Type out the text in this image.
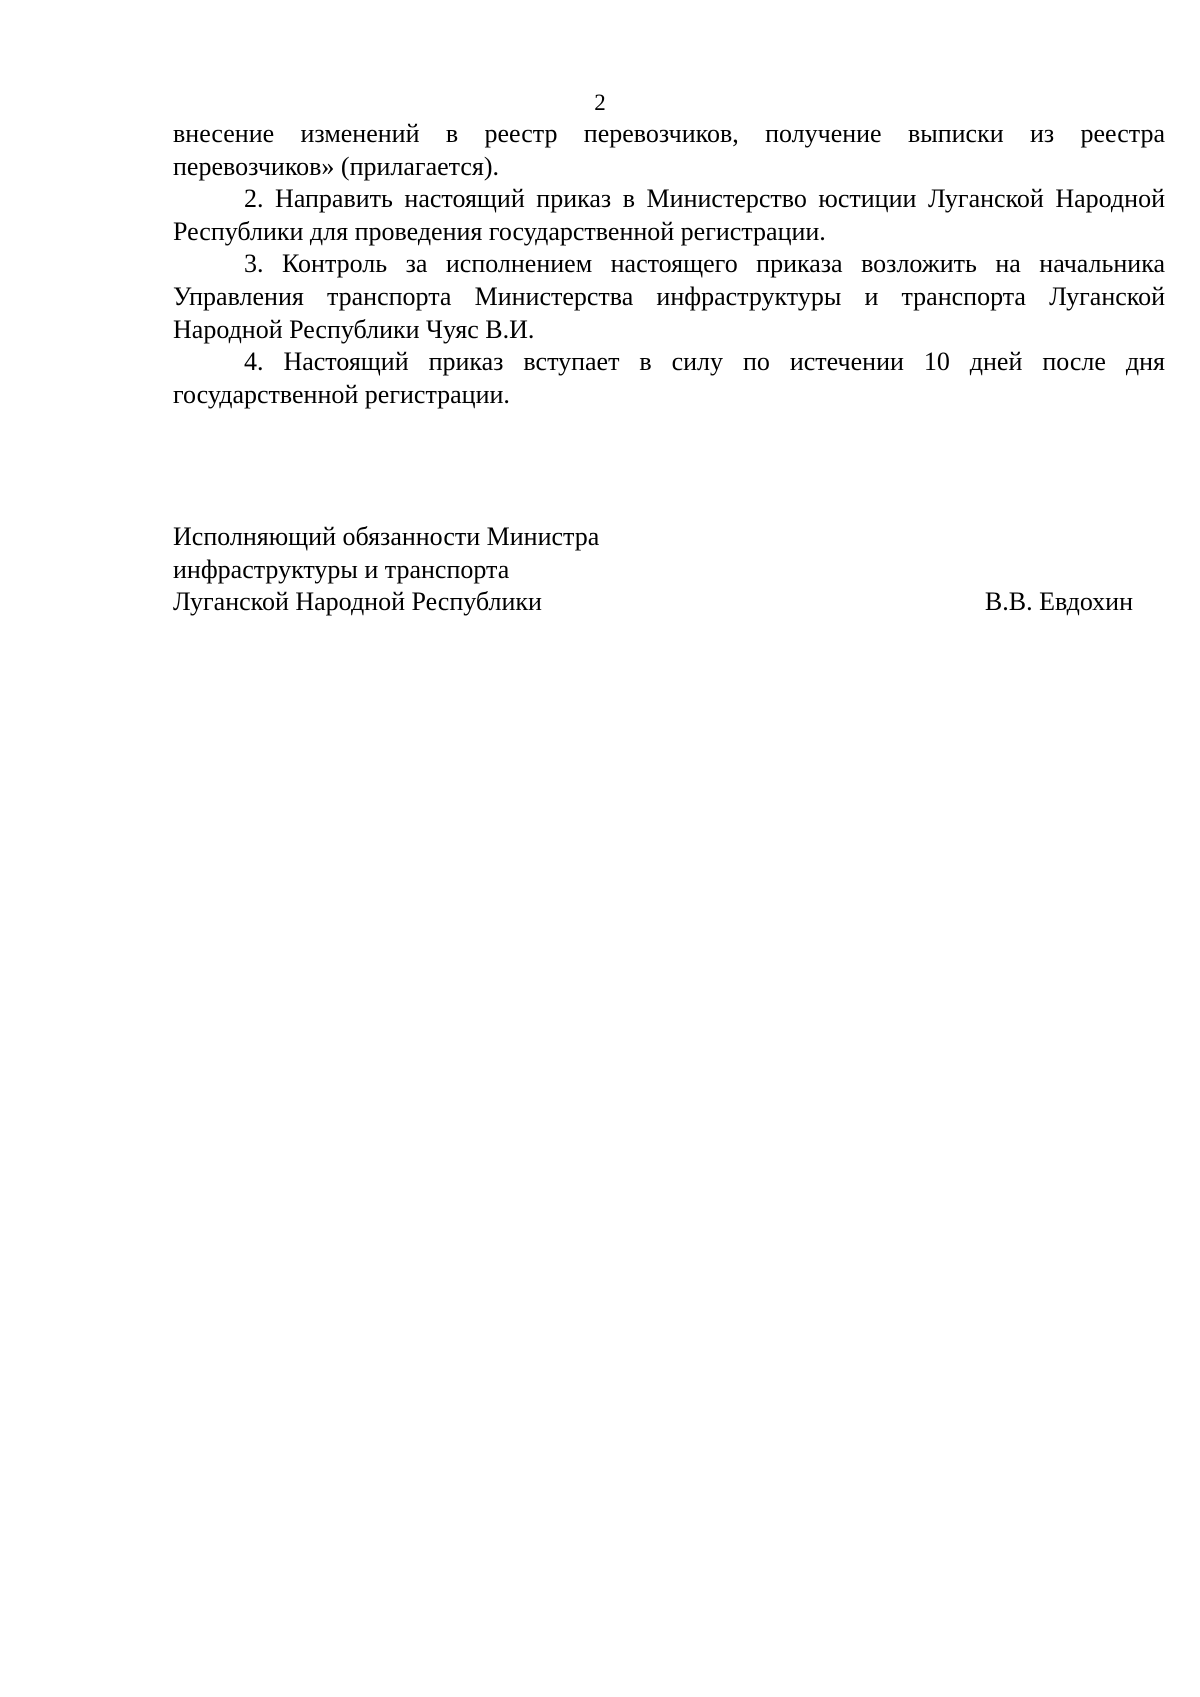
2

внесение изменений в реестр перевозчиков, получение выписки из реестра перевозчиков» (прилагается).

2. Направить настоящий приказ в Министерство юстиции Луганской Народной Республики для проведения государственной регистрации.

3. Контроль за исполнением настоящего приказа возложить на начальника Управления транспорта Министерства инфраструктуры и транспорта Луганской Народной Республики Чуяс В.И.

4. Настоящий приказ вступает в силу по истечении 10 дней после дня государственной регистрации.

Исполняющий обязанности Министра
инфраструктуры и транспорта
Луганской Народной Республики	В.В. Евдохин
